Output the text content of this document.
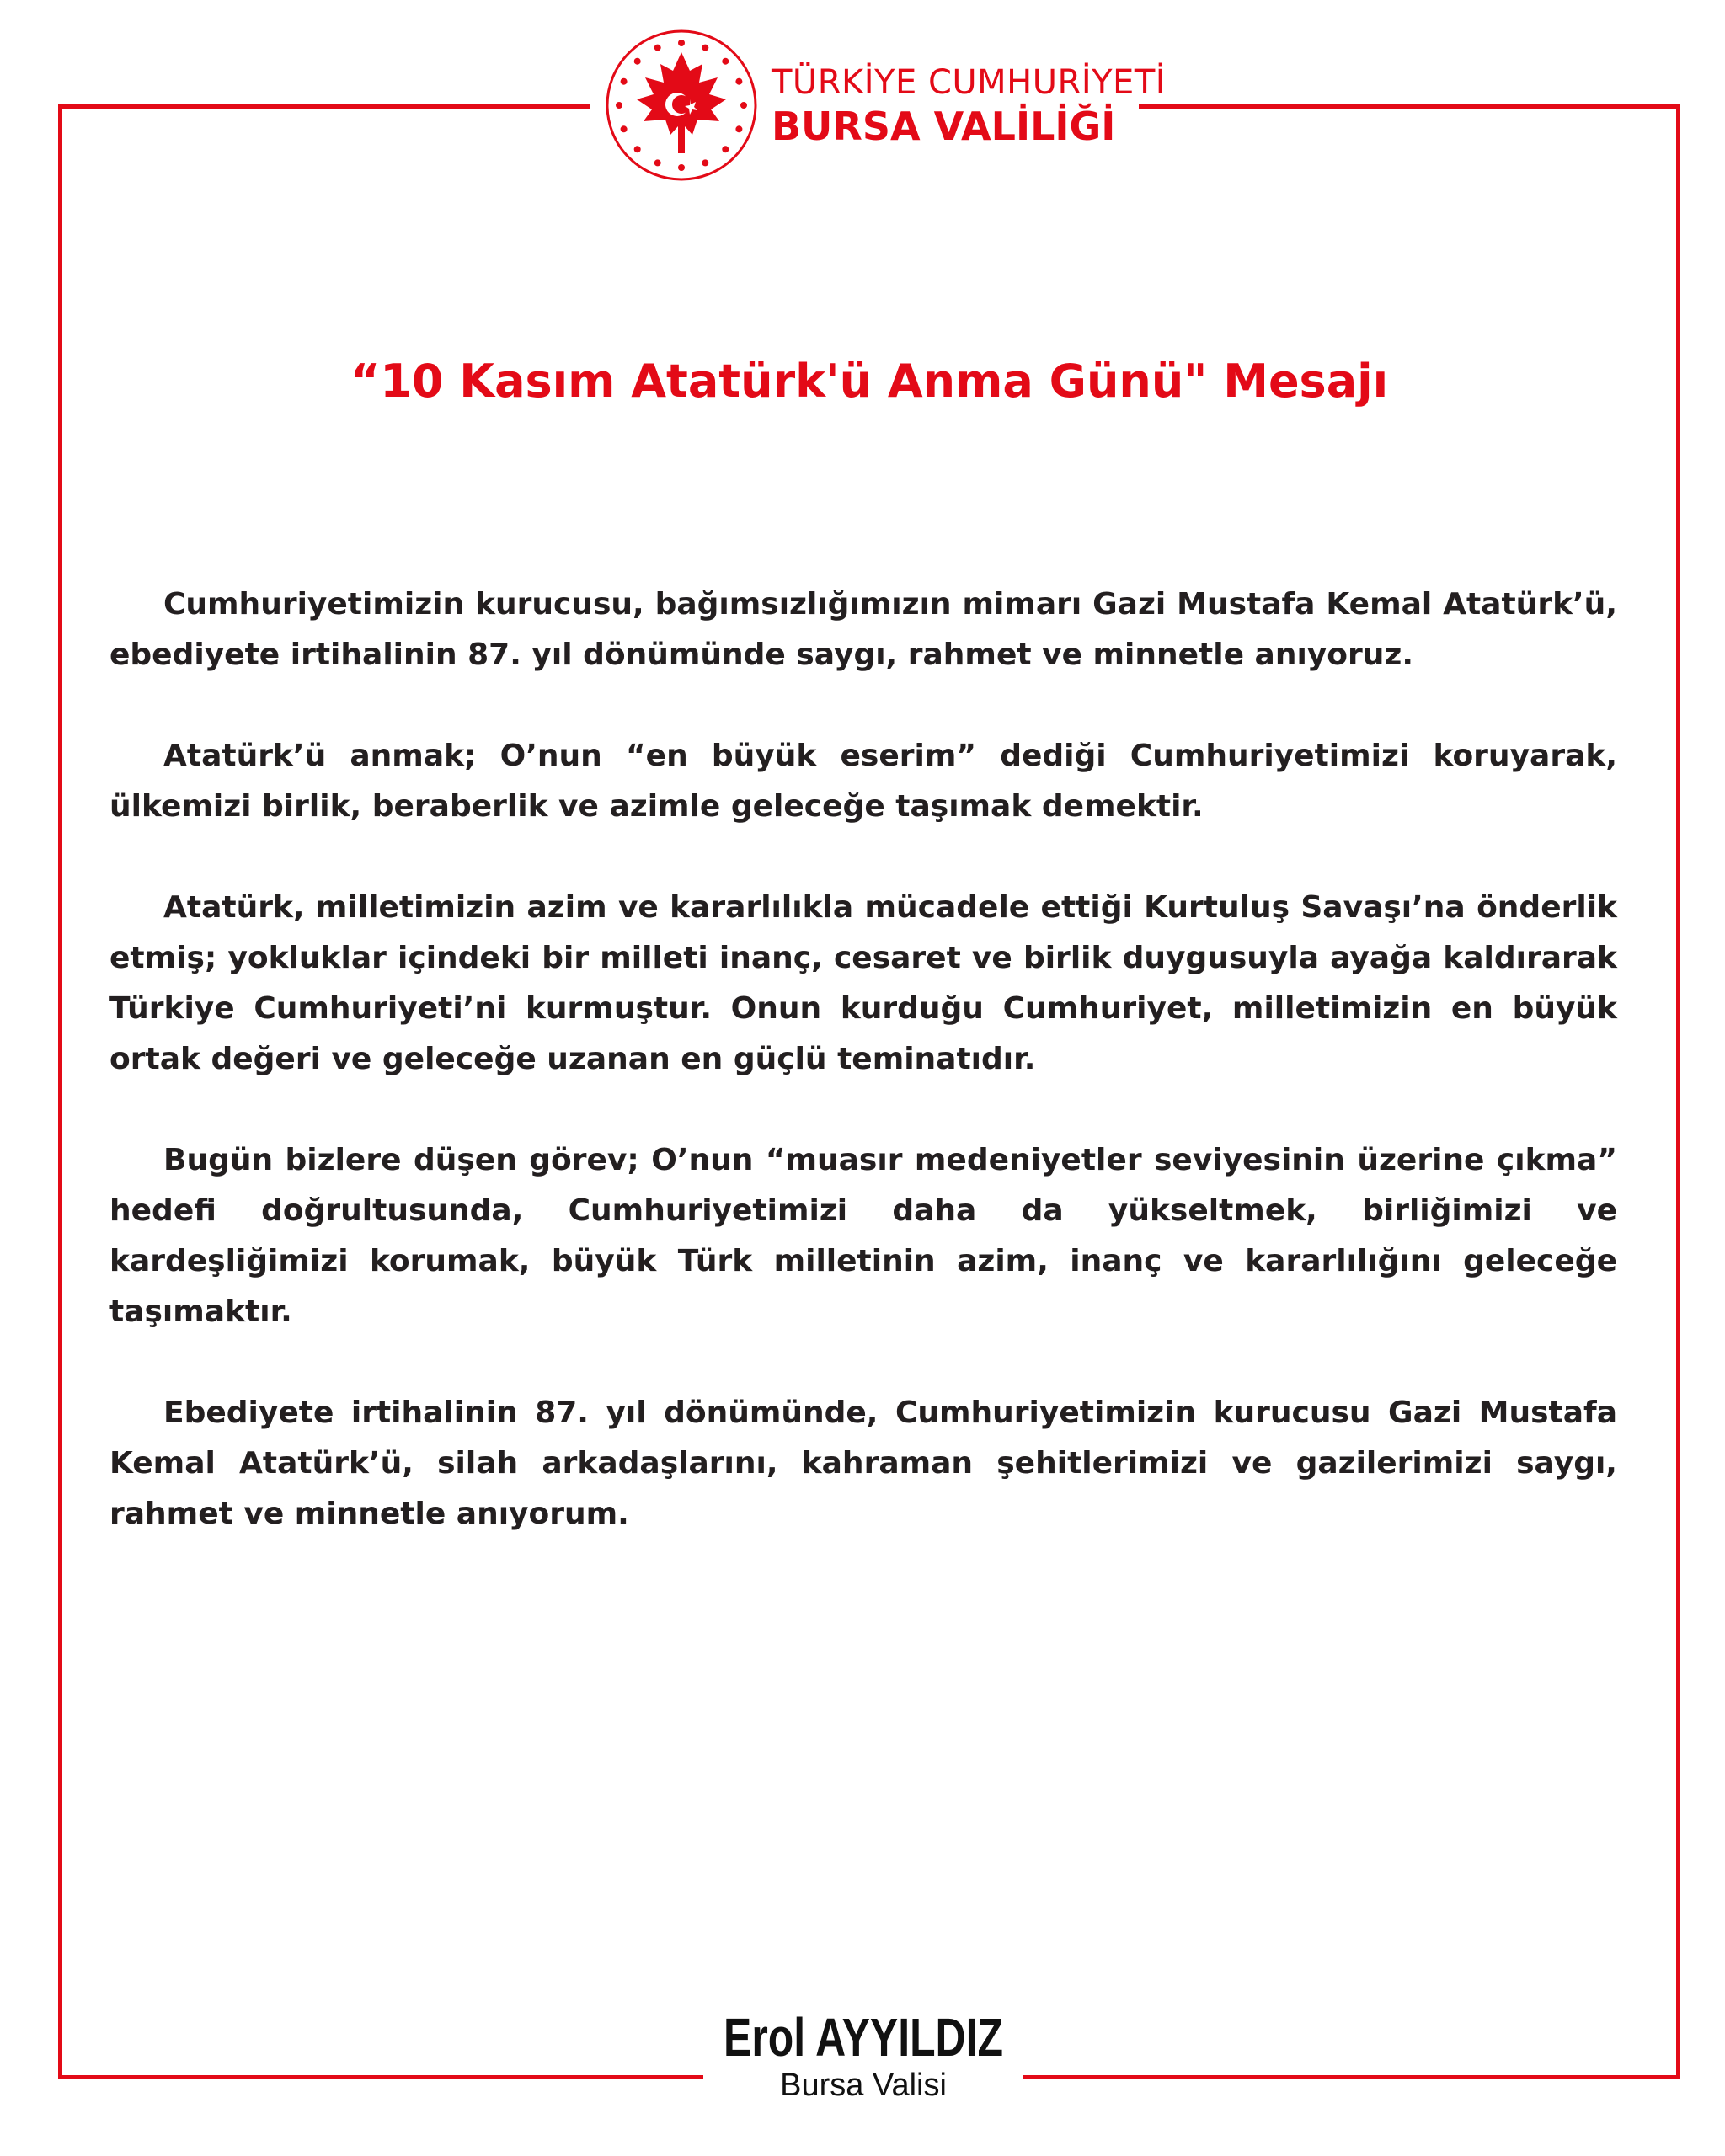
TÜRKİYE CUMHURİYETİ
BURSA VALİLİĞİ
“10 Kasım Atatürk'ü Anma Günü" Mesajı

Cumhuriyetimizin kurucusu, bağımsızlığımızın mimarı Gazi Mustafa Kemal Atatürk’ü, ebediyete irtihalinin 87. yıl dönümünde saygı, rahmet ve minnetle anıyoruz.

Atatürk’ü anmak; O’nun “en büyük eserim” dediği Cumhuriyetimizi koruyarak, ülkemizi birlik, beraberlik ve azimle geleceğe taşımak demektir.

Atatürk, milletimizin azim ve kararlılıkla mücadele ettiği Kurtuluş Savaşı’na önderlik etmiş; yokluklar içindeki bir milleti inanç, cesaret ve birlik duygusuyla ayağa kaldırarak Türkiye Cumhuriyeti’ni kurmuştur. Onun kurduğu Cumhuriyet, milletimizin en büyük ortak değeri ve geleceğe uzanan en güçlü teminatıdır.

Bugün bizlere düşen görev; O’nun “muasır medeniyetler seviyesinin üzerine çıkma” hedefi doğrultusunda, Cumhuriyetimizi daha da yükseltmek, birliğimizi ve kardeşliğimizi korumak, büyük Türk milletinin azim, inanç ve kararlılığını geleceğe taşımaktır.

Ebediyete irtihalinin 87. yıl dönümünde, Cumhuriyetimizin kurucusu Gazi Mustafa Kemal Atatürk’ü, silah arkadaşlarını, kahraman şehitlerimizi ve gazilerimizi saygı, rahmet ve minnetle anıyorum.

Erol AYYILDIZ
Bursa Valisi
